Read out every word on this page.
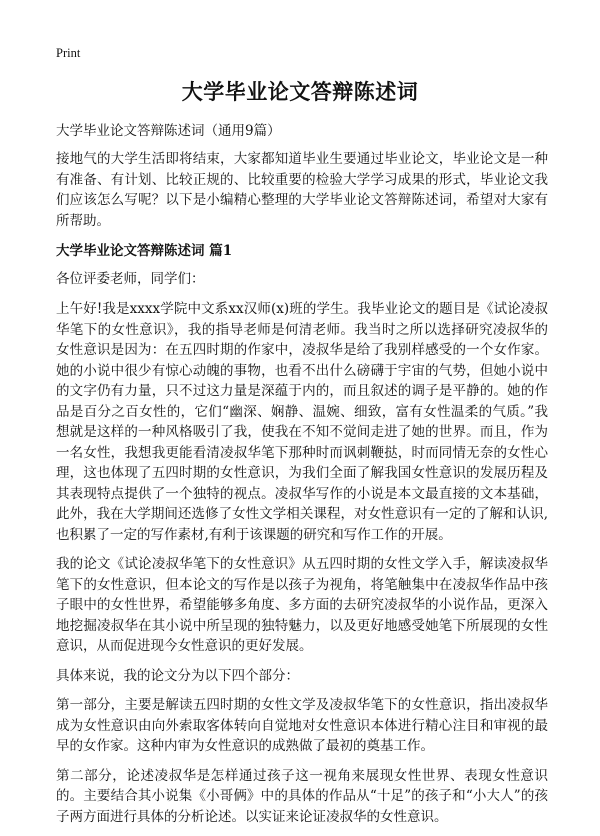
Print
大学毕业论文答辩陈述词
大学毕业论文答辩陈述词（通用9篇）

接地气的大学生活即将结束，大家都知道毕业生要通过毕业论文，毕业论文是一种有准备、有计划、比较正规的、比较重要的检验大学学习成果的形式，毕业论文我们应该怎么写呢？以下是小编精心整理的大学毕业论文答辩陈述词，希望对大家有所帮助。

大学毕业论文答辩陈述词 篇1
各位评委老师，同学们：

上午好!我是xxxx学院中文系xx汉师(x)班的学生。我毕业论文的题目是《试论凌叔华笔下的女性意识》，我的指导老师是何清老师。我当时之所以选择研究凌叔华的女性意识是因为：在五四时期的作家中，凌叔华是给了我别样感受的一个女作家。她的小说中很少有惊心动魄的事物，也看不出什么磅礴于宇宙的气势，但她小说中的文字仍有力量，只不过这力量是深蕴于内的，而且叙述的调子是平静的。她的作品是百分之百女性的，它们“幽深、娴静、温婉、细致，富有女性温柔的气质。”我想就是这样的一种风格吸引了我，使我在不知不觉间走进了她的世界。而且，作为一名女性，我想我更能看清凌叔华笔下那种时而讽刺鞭挞，时而同情无奈的女性心理，这也体现了五四时期的女性意识，为我们全面了解我国女性意识的发展历程及其表现特点提供了一个独特的视点。凌叔华写作的小说是本文最直接的文本基础，此外，我在大学期间还选修了女性文学相关课程，对女性意识有一定的了解和认识,也积累了一定的写作素材,有利于该课题的研究和写作工作的开展。

我的论文《试论凌叔华笔下的女性意识》从五四时期的女性文学入手，解读凌叔华笔下的女性意识，但本论文的写作是以孩子为视角，将笔触集中在凌叔华作品中孩子眼中的女性世界，希望能够多角度、多方面的去研究凌叔华的小说作品，更深入地挖掘凌叔华在其小说中所呈现的独特魅力，以及更好地感受她笔下所展现的女性意识，从而促进现今女性意识的更好发展。

具体来说，我的论文分为以下四个部分：

第一部分，主要是解读五四时期的女性文学及凌叔华笔下的女性意识，指出凌叔华成为女性意识由向外索取客体转向自觉地对女性意识本体进行精心注目和审视的最早的女作家。这种内审为女性意识的成熟做了最初的奠基工作。

第二部分，论述凌叔华是怎样通过孩子这一视角来展现女性世界、表现女性意识的。主要结合其小说集《小哥俩》中的具体的作品从“十足”的孩子和“小大人”的孩子两方面进行具体的分析论述。以实证来论证凌叔华的女性意识。
